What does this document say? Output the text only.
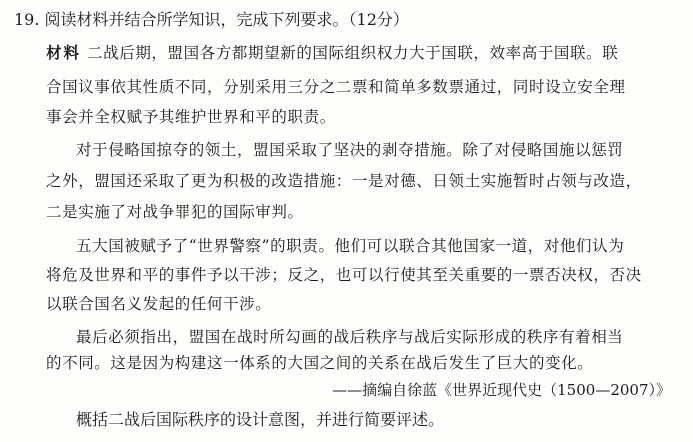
19. 阅读材料并结合所学知识，完成下列要求。（12分）
材料 二战后期，盟国各方都期望新的国际组织权力大于国联，效率高于国联。联
合国议事依其性质不同，分别采用三分之二票和简单多数票通过，同时设立安全理
事会并全权赋予其维护世界和平的职责。
对于侵略国掠夺的领土，盟国采取了坚决的剥夺措施。除了对侵略国施以惩罚
之外，盟国还采取了更为积极的改造措施：一是对德、日领土实施暂时占领与改造，
二是实施了对战争罪犯的国际审判。
五大国被赋予了“世界警察”的职责。他们可以联合其他国家一道，对他们认为
将危及世界和平的事件予以干涉；反之，也可以行使其至关重要的一票否决权，否决
以联合国名义发起的任何干涉。
最后必须指出，盟国在战时所勾画的战后秩序与战后实际形成的秩序有着相当
的不同。这是因为构建这一体系的大国之间的关系在战后发生了巨大的变化。
——摘编自徐蓝《世界近现代史（1500—2007）》
概括二战后国际秩序的设计意图，并进行简要评述。
